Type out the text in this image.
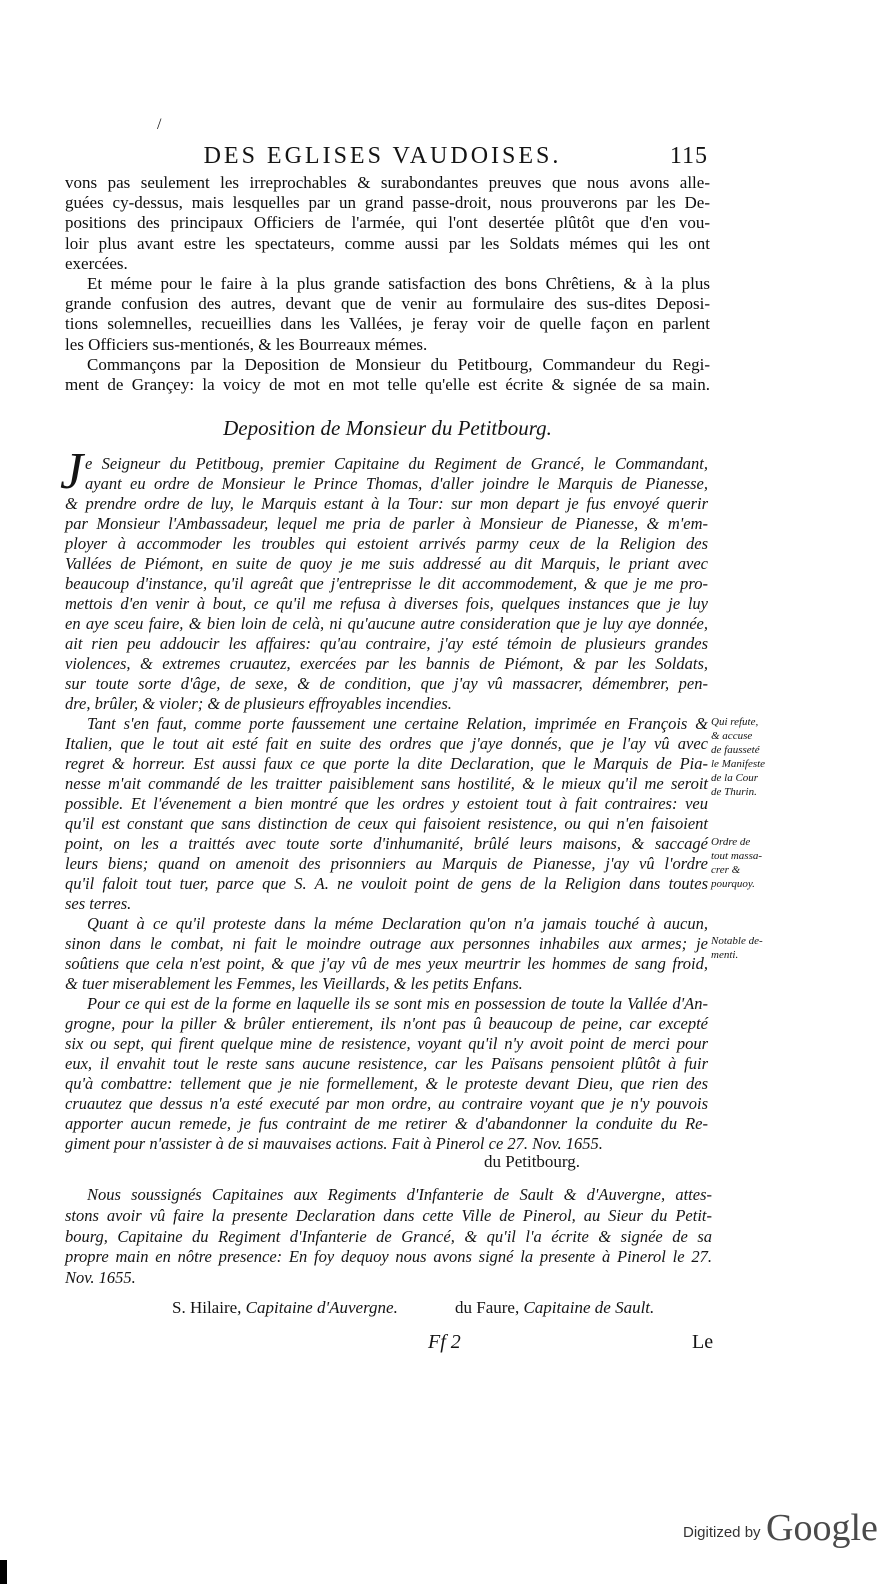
/
DES EGLISES VAUDOISES.	115
vons pas seulement les irreprochables & surabondantes preuves que nous avons alle-
guées cy-dessus, mais lesquelles par un grand passe-droit, nous prouverons par les De-
positions des principaux Officiers de l'armée, qui l'ont desertée plûtôt que d'en vou-
loir plus avant estre les spectateurs, comme aussi par les Soldats mémes qui les ont
exercées.
Et méme pour le faire à la plus grande satisfaction des bons Chrêtiens, & à la plus
grande confusion des autres, devant que de venir au formulaire des sus-dites Deposi-
tions solemnelles, recueillies dans les Vallées, je feray voir de quelle façon en parlent
les Officiers sus-mentionés, & les Bourreaux mémes.
Commançons par la Deposition de Monsieur du Petitbourg, Commandeur du Regi-
ment de Grançey: la voicy de mot en mot telle qu'elle est écrite & signée de sa main.
Deposition de Monsieur du Petitbourg.
J e Seigneur du Petitboug, premier Capitaine du Regiment de Grancé, le Commandant,
ayant eu ordre de Monsieur le Prince Thomas, d'aller joindre le Marquis de Pianesse,
& prendre ordre de luy, le Marquis estant à la Tour: sur mon depart je fus envoyé querir
par Monsieur l'Ambassadeur, lequel me pria de parler à Monsieur de Pianesse, & m'em-
ployer à accommoder les troubles qui estoient arrivés parmy ceux de la Religion des
Vallées de Piémont, en suite de quoy je me suis addressé au dit Marquis, le priant avec
beaucoup d'instance, qu'il agreât que j'entreprisse le dit accommodement, & que je me pro-
mettois d'en venir à bout, ce qu'il me refusa à diverses fois, quelques instances que je luy
en aye sceu faire, & bien loin de celà, ni qu'aucune autre consideration que je luy aye donnée,
ait rien peu addoucir les affaires: qu'au contraire, j'ay esté témoin de plusieurs grandes
violences, & extremes cruautez, exercées par les bannis de Piémont, & par les Soldats,
sur toute sorte d'âge, de sexe, & de condition, que j'ay vû massacrer, démembrer, pen-
dre, brûler, & violer; & de plusieurs effroyables incendies.
Tant s'en faut, comme porte faussement une certaine Relation, imprimée en François &
Italien, que le tout ait esté fait en suite des ordres que j'aye donnés, que je l'ay vû avec
regret & horreur. Est aussi faux ce que porte la dite Declaration, que le Marquis de Pia-
nesse m'ait commandé de les traitter paisiblement sans hostilité, & le mieux qu'il me seroit
possible. Et l'évenement a bien montré que les ordres y estoient tout à fait contraires: veu
qu'il est constant que sans distinction de ceux qui faisoient resistence, ou qui n'en faisoient
point, on les a traittés avec toute sorte d'inhumanité, brûlé leurs maisons, & saccagé
leurs biens; quand on amenoit des prisonniers au Marquis de Pianesse, j'ay vû l'ordre
qu'il faloit tout tuer, parce que S. A. ne vouloit point de gens de la Religion dans toutes
ses terres.
Quant à ce qu'il proteste dans la méme Declaration qu'on n'a jamais touché à aucun,
sinon dans le combat, ni fait le moindre outrage aux personnes inhabiles aux armes; je
soûtiens que cela n'est point, & que j'ay vû de mes yeux meurtrir les hommes de sang froid,
& tuer miserablement les Femmes, les Vieillards, & les petits Enfans.
Pour ce qui est de la forme en laquelle ils se sont mis en possession de toute la Vallée d'An-
grogne, pour la piller & brûler entierement, ils n'ont pas û beaucoup de peine, car excepté
six ou sept, qui firent quelque mine de resistence, voyant qu'il n'y avoit point de merci pour
eux, il envahit tout le reste sans aucune resistence, car les Païsans pensoient plûtôt à fuir
qu'à combattre: tellement que je nie formellement, & le proteste devant Dieu, que rien des
cruautez que dessus n'a esté executé par mon ordre, au contraire voyant que je n'y pouvois
apporter aucun remede, je fus contraint de me retirer & d'abandonner la conduite du Re-
giment pour n'assister à de si mauvaises actions. Fait à Pinerol ce 27. Nov. 1655.
du Petitbourg.
Qui refute,
& accuse
de fausseté
le Manifeste
de la Cour
de Thurin.
Ordre de
tout massa-
crer &
pourquoy.
Notable de-
menti.
Nous soussignés Capitaines aux Regiments d'Infanterie de Sault & d'Auvergne, attes-
stons avoir vû faire la presente Declaration dans cette Ville de Pinerol, au Sieur du Petit-
bourg, Capitaine du Regiment d'Infanterie de Grancé, & qu'il l'a écrite & signée de sa
propre main en nôtre presence: En foy dequoy nous avons signé la presente à Pinerol le 27.
Nov. 1655.
S. Hilaire, Capitaine d'Auvergne.	du Faure, Capitaine de Sault.
Ff 2	Le
Digitized by Google
